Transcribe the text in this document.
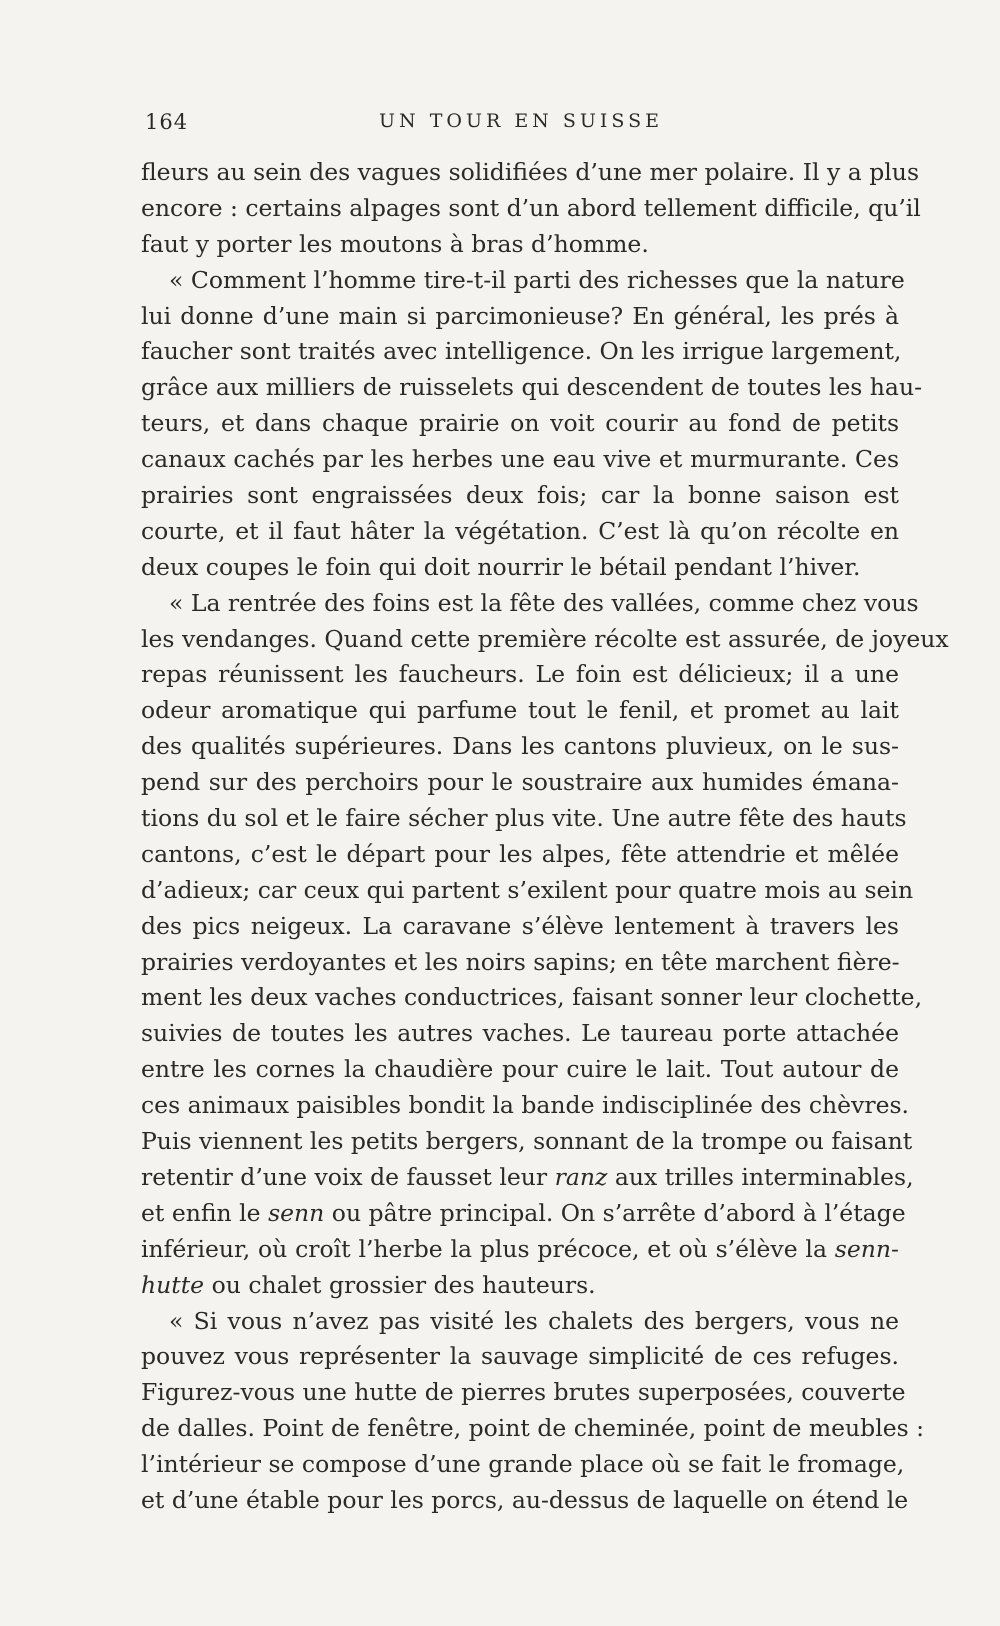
164	UN TOUR EN SUISSE
fleurs au sein des vagues solidifiées d’une mer polaire. Il y a plus
encore : certains alpages sont d’un abord tellement difficile, qu’il
faut y porter les moutons à bras d’homme.
« Comment l’homme tire-t-il parti des richesses que la nature
lui donne d’une main si parcimonieuse? En général, les prés à
faucher sont traités avec intelligence. On les irrigue largement,
grâce aux milliers de ruisselets qui descendent de toutes les hau-
teurs, et dans chaque prairie on voit courir au fond de petits
canaux cachés par les herbes une eau vive et murmurante. Ces
prairies sont engraissées deux fois; car la bonne saison est
courte, et il faut hâter la végétation. C’est là qu’on récolte en
deux coupes le foin qui doit nourrir le bétail pendant l’hiver.
« La rentrée des foins est la fête des vallées, comme chez vous
les vendanges. Quand cette première récolte est assurée, de joyeux
repas réunissent les faucheurs. Le foin est délicieux; il a une
odeur aromatique qui parfume tout le fenil, et promet au lait
des qualités supérieures. Dans les cantons pluvieux, on le sus-
pend sur des perchoirs pour le soustraire aux humides émana-
tions du sol et le faire sécher plus vite. Une autre fête des hauts
cantons, c’est le départ pour les alpes, fête attendrie et mêlée
d’adieux; car ceux qui partent s’exilent pour quatre mois au sein
des pics neigeux. La caravane s’élève lentement à travers les
prairies verdoyantes et les noirs sapins; en tête marchent fière-
ment les deux vaches conductrices, faisant sonner leur clochette,
suivies de toutes les autres vaches. Le taureau porte attachée
entre les cornes la chaudière pour cuire le lait. Tout autour de
ces animaux paisibles bondit la bande indisciplinée des chèvres.
Puis viennent les petits bergers, sonnant de la trompe ou faisant
retentir d’une voix de fausset leur ranz aux trilles interminables,
et enfin le senn ou pâtre principal. On s’arrête d’abord à l’étage
inférieur, où croît l’herbe la plus précoce, et où s’élève la senn-
hutte ou chalet grossier des hauteurs.
« Si vous n’avez pas visité les chalets des bergers, vous ne
pouvez vous représenter la sauvage simplicité de ces refuges.
Figurez-vous une hutte de pierres brutes superposées, couverte
de dalles. Point de fenêtre, point de cheminée, point de meubles :
l’intérieur se compose d’une grande place où se fait le fromage,
et d’une étable pour les porcs, au-dessus de laquelle on étend le
